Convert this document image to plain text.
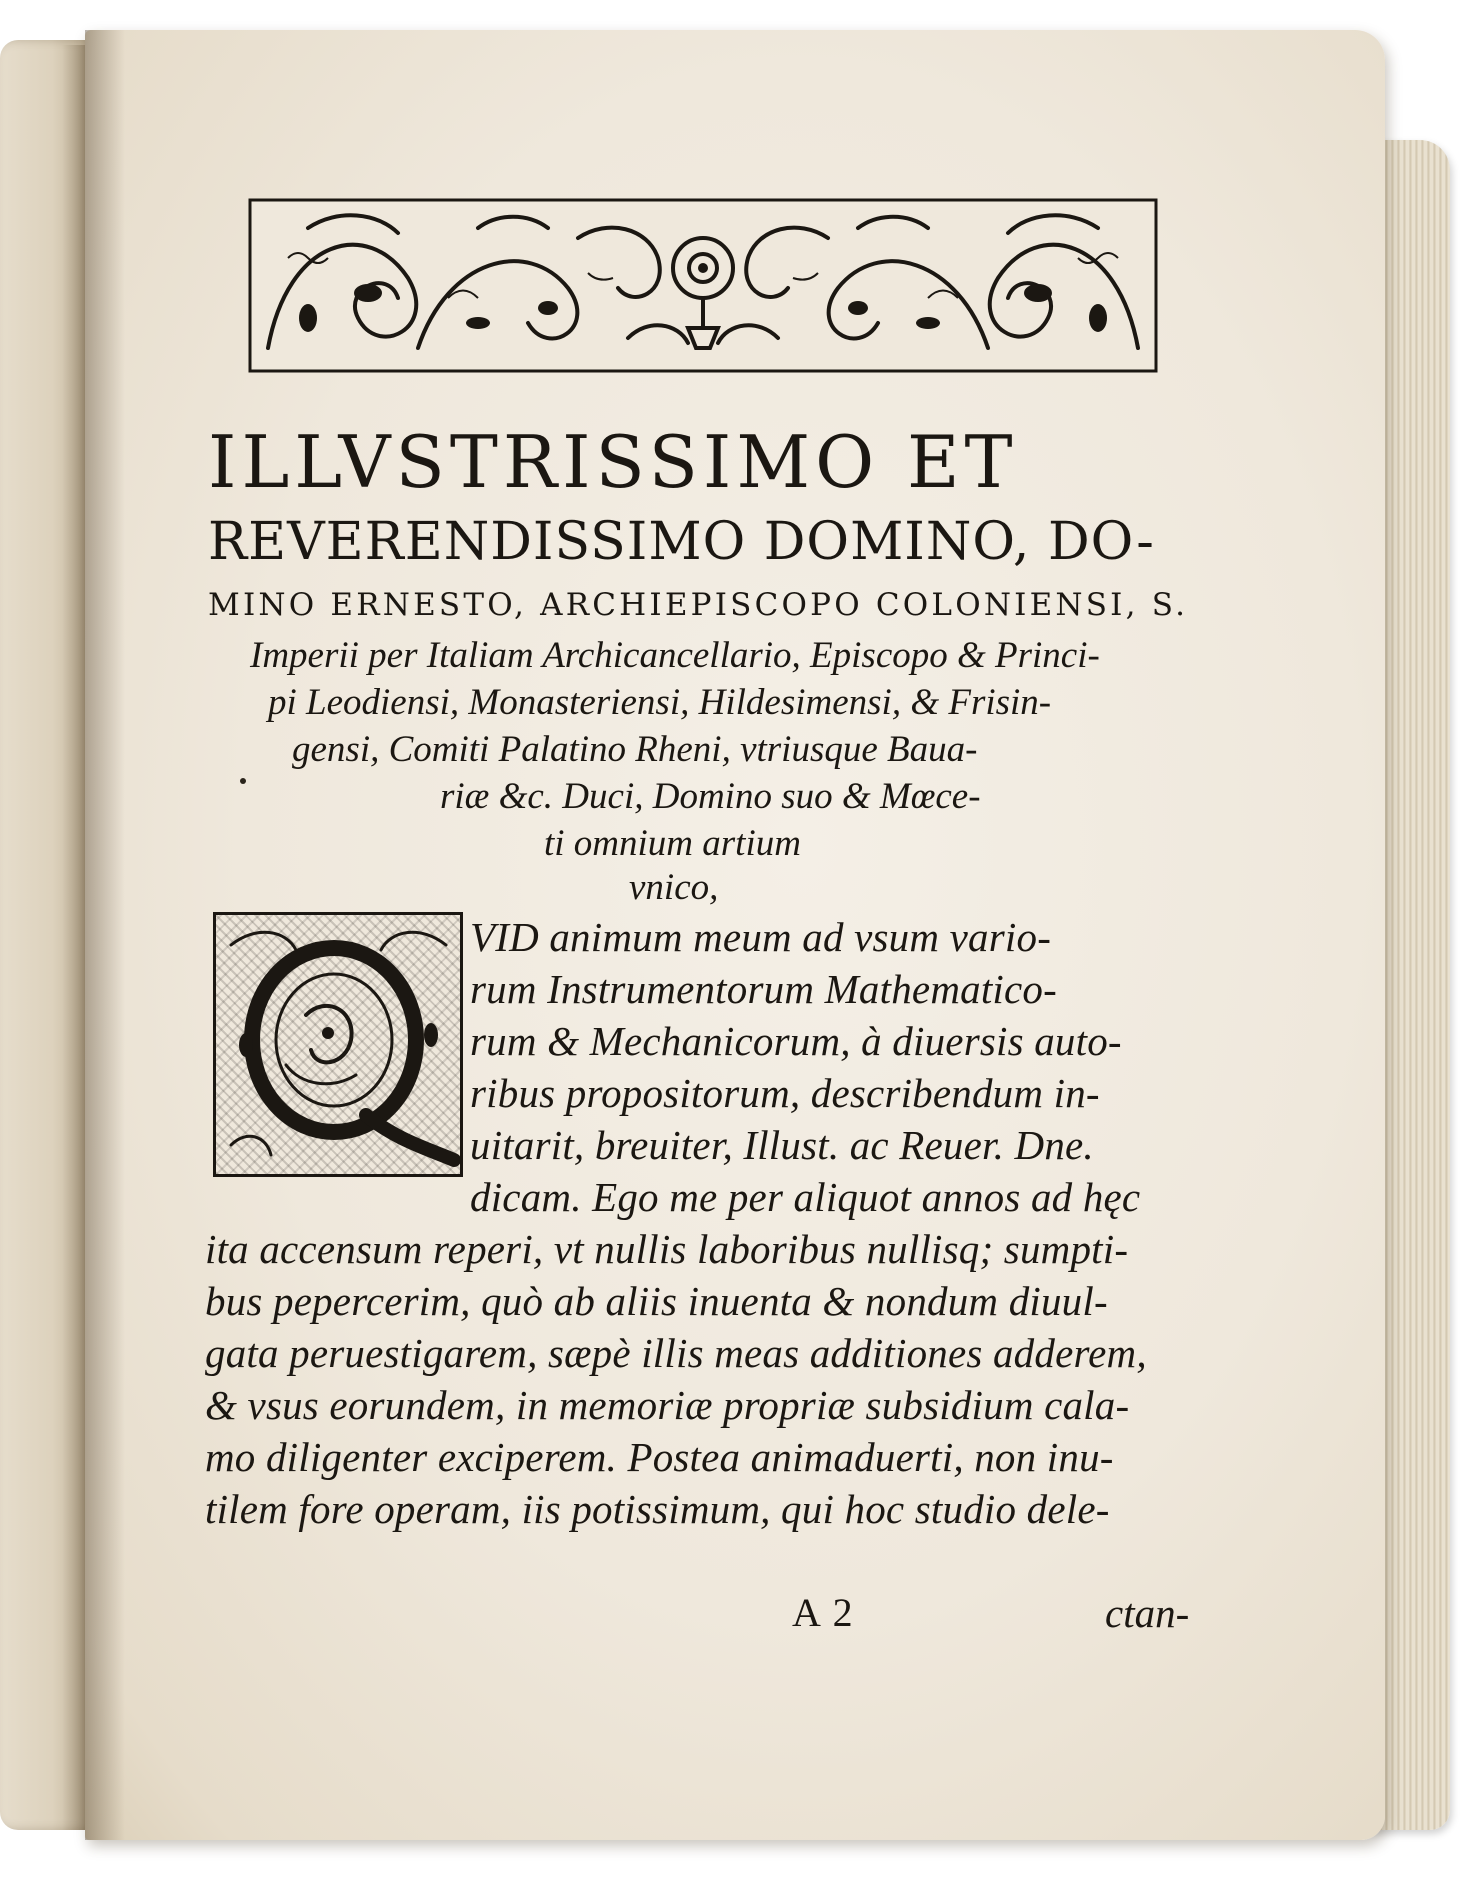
ILLVSTRISSIMO ET
REVERENDISSIMO DOMINO, DO-
MINO ERNESTO, ARCHIEPISCOPO COLONIENSI, S.
Imperii per Italiam Archicancellario, Episcopo & Princi-
pi Leodiensi, Monasteriensi, Hildesimensi, & Frisin-
gensi, Comiti Palatino Rheni, vtriusque Baua-
riæ &c. Duci, Domino suo & Mœce-
ti omnium artium
vnico,
VID animum meum ad vsum vario-
rum Instrumentorum Mathematico-
rum & Mechanicorum, à diuersis auto-
ribus propositorum, describendum in-
uitarit, breuiter, Illust. ac Reuer. Dne.
dicam. Ego me per aliquot annos ad hęc
ita accensum reperi, vt nullis laboribus nullisq; sumpti-
bus pepercerim, quò ab aliis inuenta & nondum diuul-
gata peruestigarem, sæpè illis meas additiones adderem,
& vsus eorundem, in memoriæ propriæ subsidium cala-
mo diligenter exciperem. Postea animaduerti, non inu-
tilem fore operam, iis potissimum, qui hoc studio dele-
A 2	ctan-
